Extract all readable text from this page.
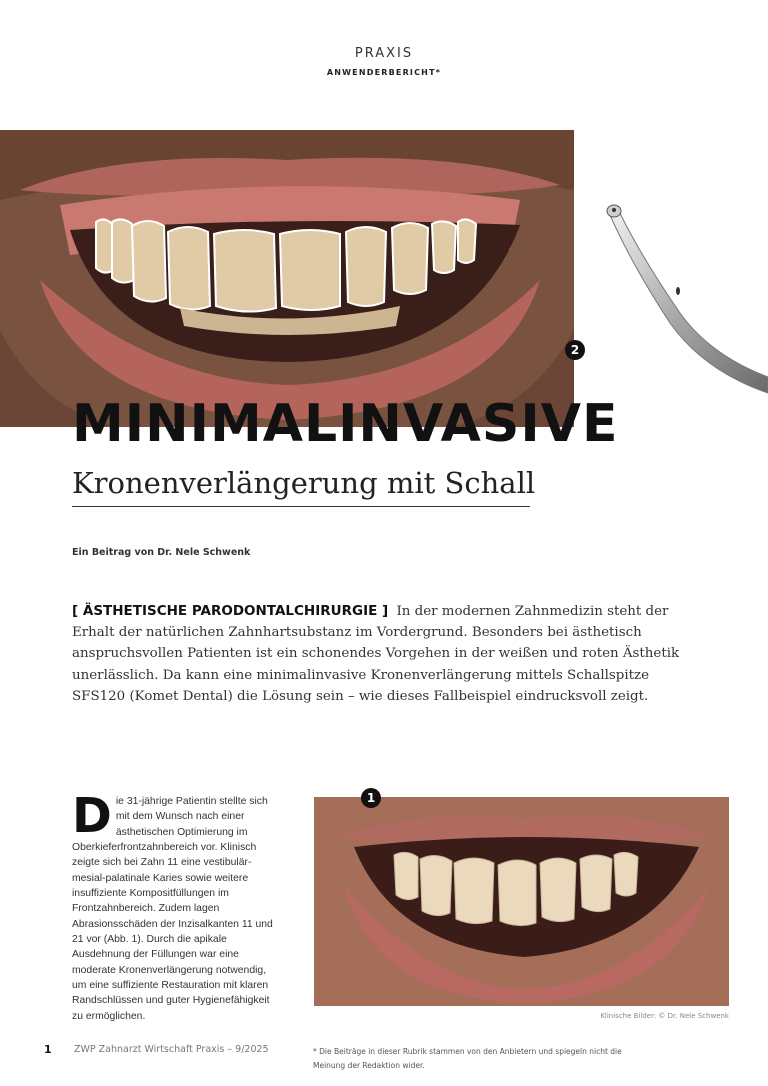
PRAXIS
ANWENDERBERICHT*
2
MINIMALINVASIVE
Kronenverlängerung mit Schall
Ein Beitrag von Dr. Nele Schwenk
[ ÄSTHETISCHE PARODONTALCHIRURGIE ] In der modernen Zahnmedizin steht der Erhalt der natürlichen Zahnhartsubstanz im Vordergrund. Besonders bei ästhetisch anspruchsvollen Patienten ist ein schonendes Vorgehen in der weißen und roten Ästhetik unerlässlich. Da kann eine minimalinvasive Kronenverlängerung mittels Schallspitze SFS120 (Komet Dental) die Lösung sein – wie dieses Fallbeispiel eindrucksvoll zeigt.
D ie 31-jährige Patientin stellte sich mit dem Wunsch nach einer ästhetischen Optimierung im Oberkieferfrontzahnbereich vor. Klinisch zeigte sich bei Zahn 11 eine vestibulär-mesial-palatinale Karies sowie weitere insuffiziente Kompositfüllungen im Frontzahnbereich. Zudem lagen Abrasionsschäden der Inzisalkanten 11 und 21 vor (Abb. 1). Durch die apikale Ausdehnung der Füllungen war eine moderate Kronenverlängerung notwendig, um eine suffiziente Restauration mit klaren Randschlüssen und guter Hygienefähigkeit zu ermöglichen.
1
Klinische Bilder: © Dr. Nele Schwenk
1 ZWP Zahnarzt Wirtschaft Praxis – 9/2025	* Die Beiträge in dieser Rubrik stammen von den Anbietern und spiegeln nicht die Meinung der Redaktion wider.
